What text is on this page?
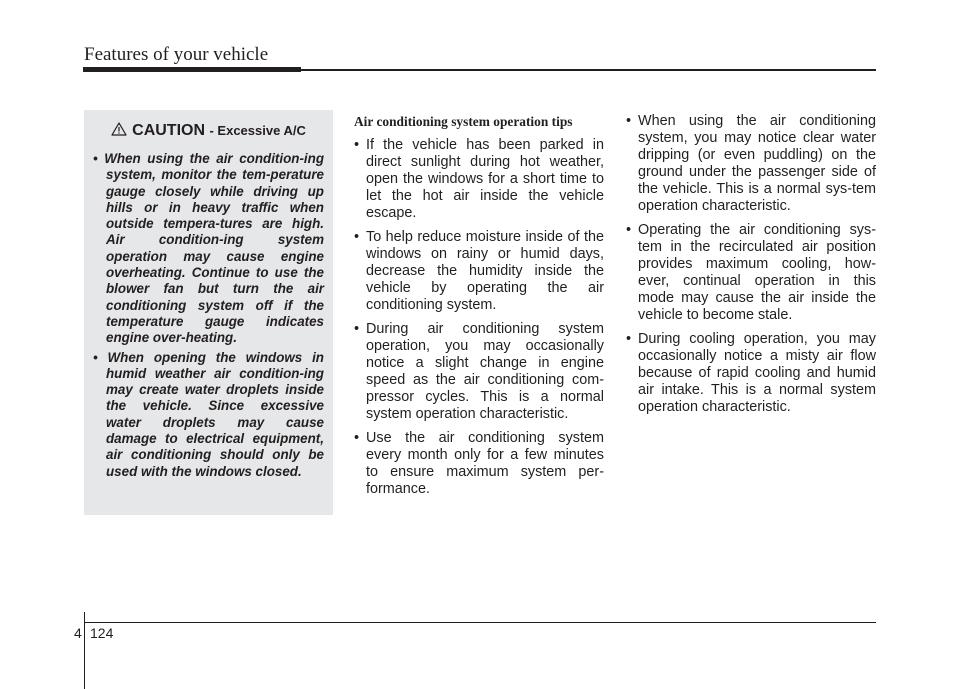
Features of your vehicle
CAUTION - Excessive A/C
• When using the air condition-ing system, monitor the tem-perature gauge closely while driving up hills or in heavy traffic when outside tempera-tures are high. Air condition-ing system operation may cause engine overheating. Continue to use the blower fan but turn the air conditioning system off if the temperature gauge indicates engine over-heating.
• When opening the windows in humid weather air condition-ing may create water droplets inside the vehicle. Since excessive water droplets may cause damage to electrical equipment, air conditioning should only be used with the windows closed.
Air conditioning system operation tips
• If the vehicle has been parked in direct sunlight during hot weather, open the windows for a short time to let the hot air inside the vehicle escape.
• To help reduce moisture inside of the windows on rainy or humid days, decrease the humidity inside the vehicle by operating the air conditioning system.
• During air conditioning system operation, you may occasionally notice a slight change in engine speed as the air conditioning com-pressor cycles. This is a normal system operation characteristic.
• Use the air conditioning system every month only for a few minutes to ensure maximum system per-formance.
• When using the air conditioning system, you may notice clear water dripping (or even puddling) on the ground under the passenger side of the vehicle. This is a normal sys-tem operation characteristic.
• Operating the air conditioning sys-tem in the recirculated air position provides maximum cooling, how-ever, continual operation in this mode may cause the air inside the vehicle to become stale.
• During cooling operation, you may occasionally notice a misty air flow because of rapid cooling and humid air intake. This is a normal system operation characteristic.
4 124
